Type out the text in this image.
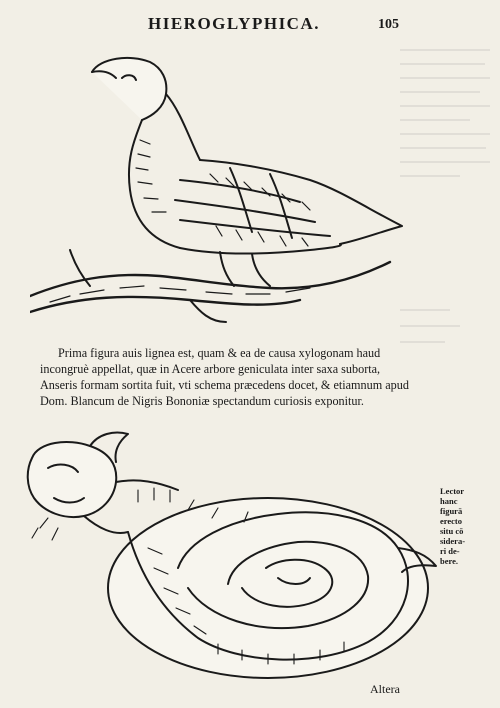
HIEROGLYPHICA.	105

Prima figura auis lignea est, quam & ea de causa xylogonam haud

incongruè appellat, quæ in Acere arbore geniculata inter saxa suborta,

Anseris formam sortita fuit, vti schema præcedens docet, & etiamnum apud

Dom. Blancum de Nigris Bononiæ spectandum curiosis exponitur.

Lector
hanc
figurā
erecto
situ cō
sidera-
ri de-
bere.
Altera
